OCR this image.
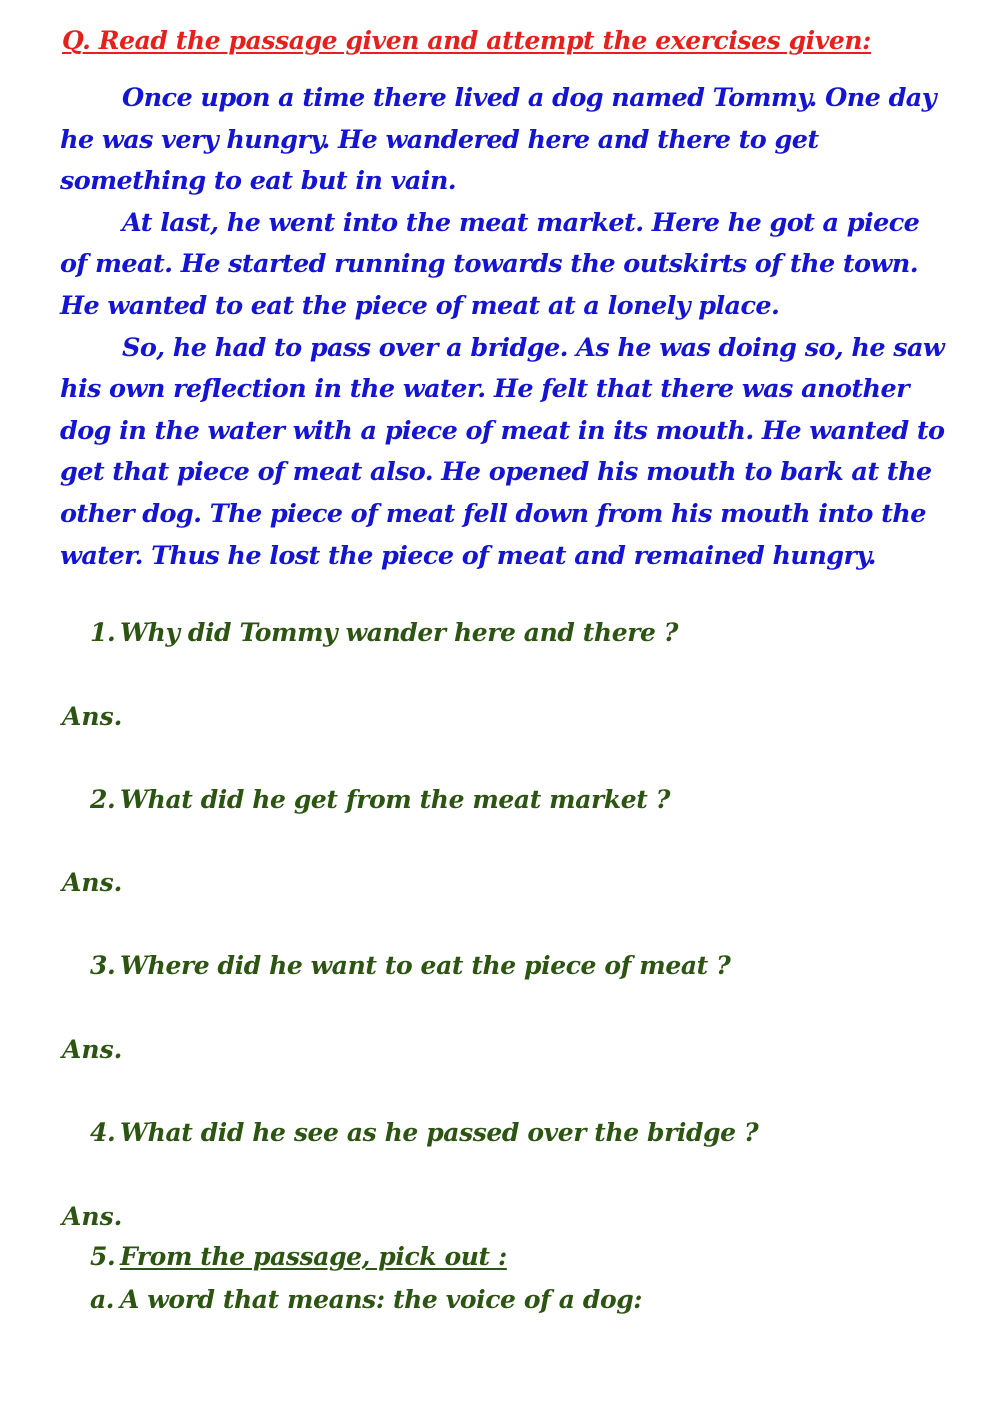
Q. Read the passage given and attempt the exercises given:

Once upon a time there lived a dog named Tommy. One day he was very hungry. He wandered here and there to get something to eat but in vain.

At last, he went into the meat market. Here he got a piece of meat. He started running towards the outskirts of the town. He wanted to eat the piece of meat at a lonely place.

So, he had to pass over a bridge. As he was doing so, he saw his own reflection in the water. He felt that there was another dog in the water with a piece of meat in its mouth. He wanted to get that piece of meat also. He opened his mouth to bark at the other dog. The piece of meat fell down from his mouth into the water. Thus he lost the piece of meat and remained hungry.

1. Why did Tommy wander here and there ?
Ans.
2. What did he get from the meat market ?
Ans.
3. Where did he want to eat the piece of meat ?
Ans.
4. What did he see as he passed over the bridge ?
Ans.
5. From the passage, pick out :
a. A word that means: the voice of a dog:
